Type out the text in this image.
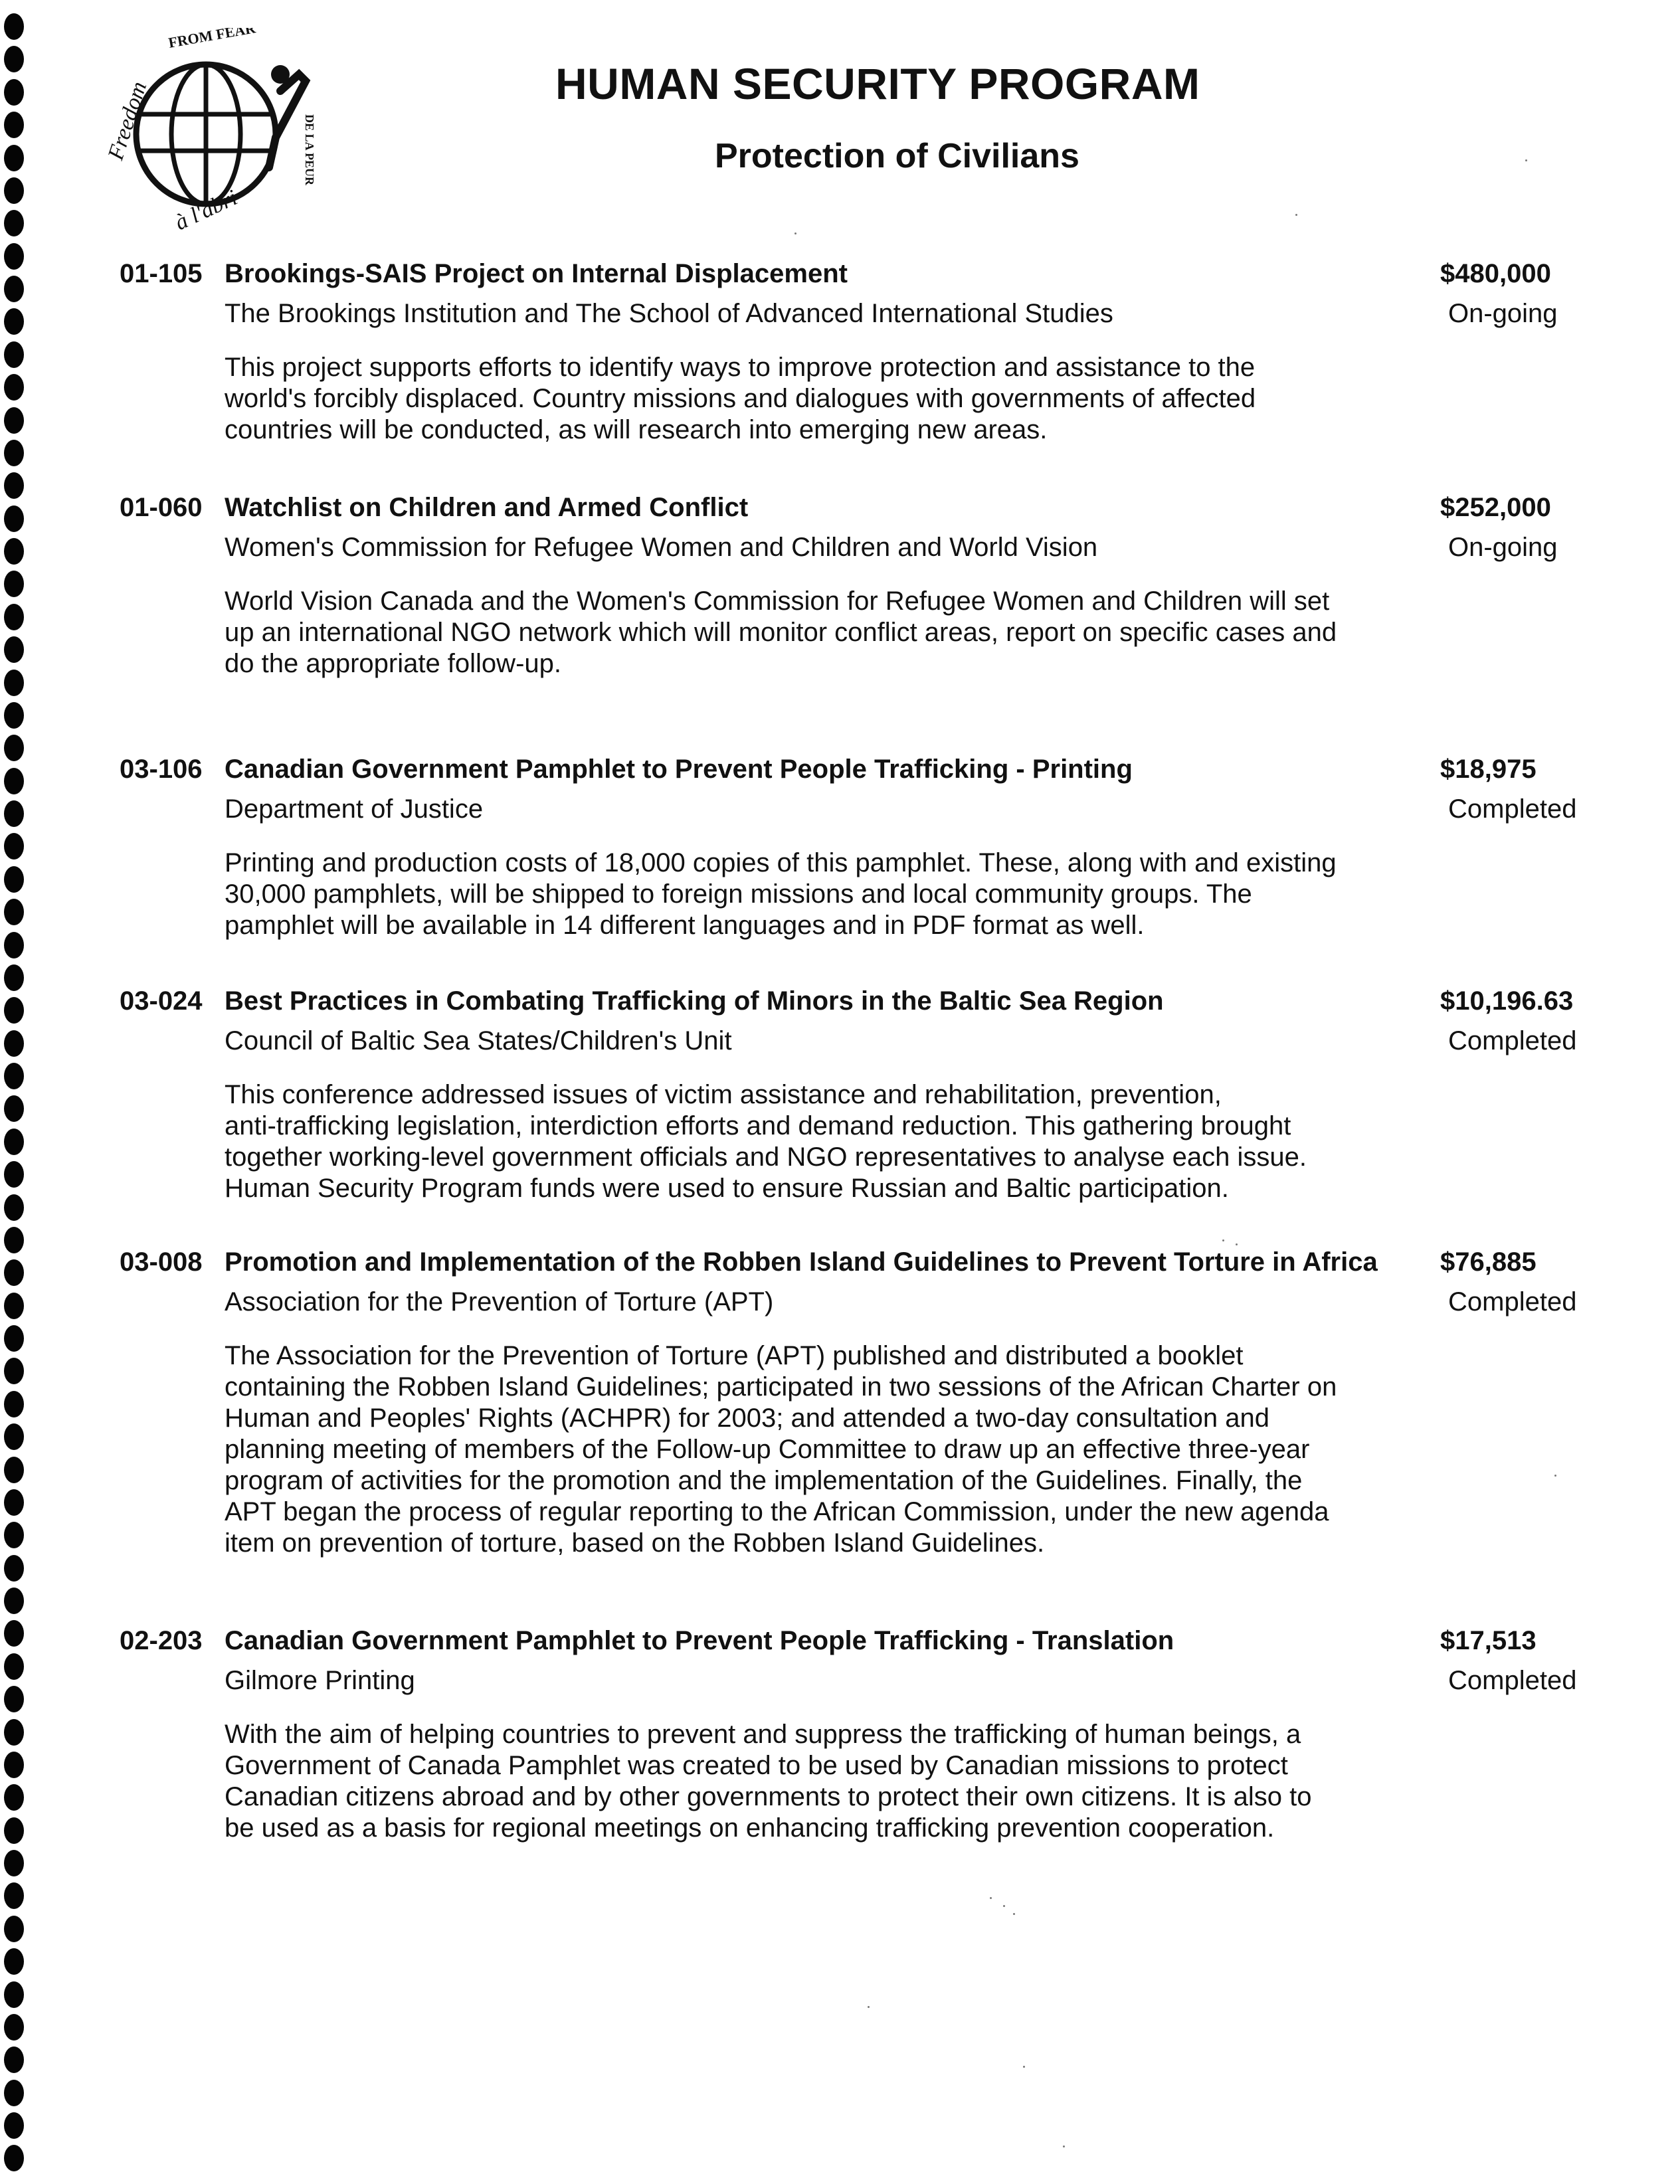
FROM FEAR
Freedom	DE LA PEUR
à l'abri
HUMAN SECURITY PROGRAM
Protection of Civilians
01-105 Brookings-SAIS Project on Internal Displacement	$480,000
The Brookings Institution and The School of Advanced International Studies	On-going
This project supports efforts to identify ways to improve protection and assistance to the
world's forcibly displaced. Country missions and dialogues with governments of affected
countries will be conducted, as will research into emerging new areas.
01-060 Watchlist on Children and Armed Conflict	$252,000
Women's Commission for Refugee Women and Children and World Vision	On-going
World Vision Canada and the Women's Commission for Refugee Women and Children will set
up an international NGO network which will monitor conflict areas, report on specific cases and
do the appropriate follow-up.
03-106 Canadian Government Pamphlet to Prevent People Trafficking - Printing	$18,975
Department of Justice	Completed
Printing and production costs of 18,000 copies of this pamphlet. These, along with and existing
30,000 pamphlets, will be shipped to foreign missions and local community groups. The
pamphlet will be available in 14 different languages and in PDF format as well.
03-024 Best Practices in Combating Trafficking of Minors in the Baltic Sea Region	$10,196.63
Council of Baltic Sea States/Children's Unit	Completed
This conference addressed issues of victim assistance and rehabilitation, prevention,
anti-trafficking legislation, interdiction efforts and demand reduction. This gathering brought
together working-level government officials and NGO representatives to analyse each issue.
Human Security Program funds were used to ensure Russian and Baltic participation.
03-008 Promotion and Implementation of the Robben Island Guidelines to Prevent Torture in Africa $76,885
Association for the Prevention of Torture (APT)	Completed
The Association for the Prevention of Torture (APT) published and distributed a booklet
containing the Robben Island Guidelines; participated in two sessions of the African Charter on
Human and Peoples' Rights (ACHPR) for 2003; and attended a two-day consultation and
planning meeting of members of the Follow-up Committee to draw up an effective three-year
program of activities for the promotion and the implementation of the Guidelines. Finally, the
APT began the process of regular reporting to the African Commission, under the new agenda
item on prevention of torture, based on the Robben Island Guidelines.
02-203 Canadian Government Pamphlet to Prevent People Trafficking - Translation	$17,513
Gilmore Printing	Completed
With the aim of helping countries to prevent and suppress the trafficking of human beings, a
Government of Canada Pamphlet was created to be used by Canadian missions to protect
Canadian citizens abroad and by other governments to protect their own citizens. It is also to
be used as a basis for regional meetings on enhancing trafficking prevention cooperation.
